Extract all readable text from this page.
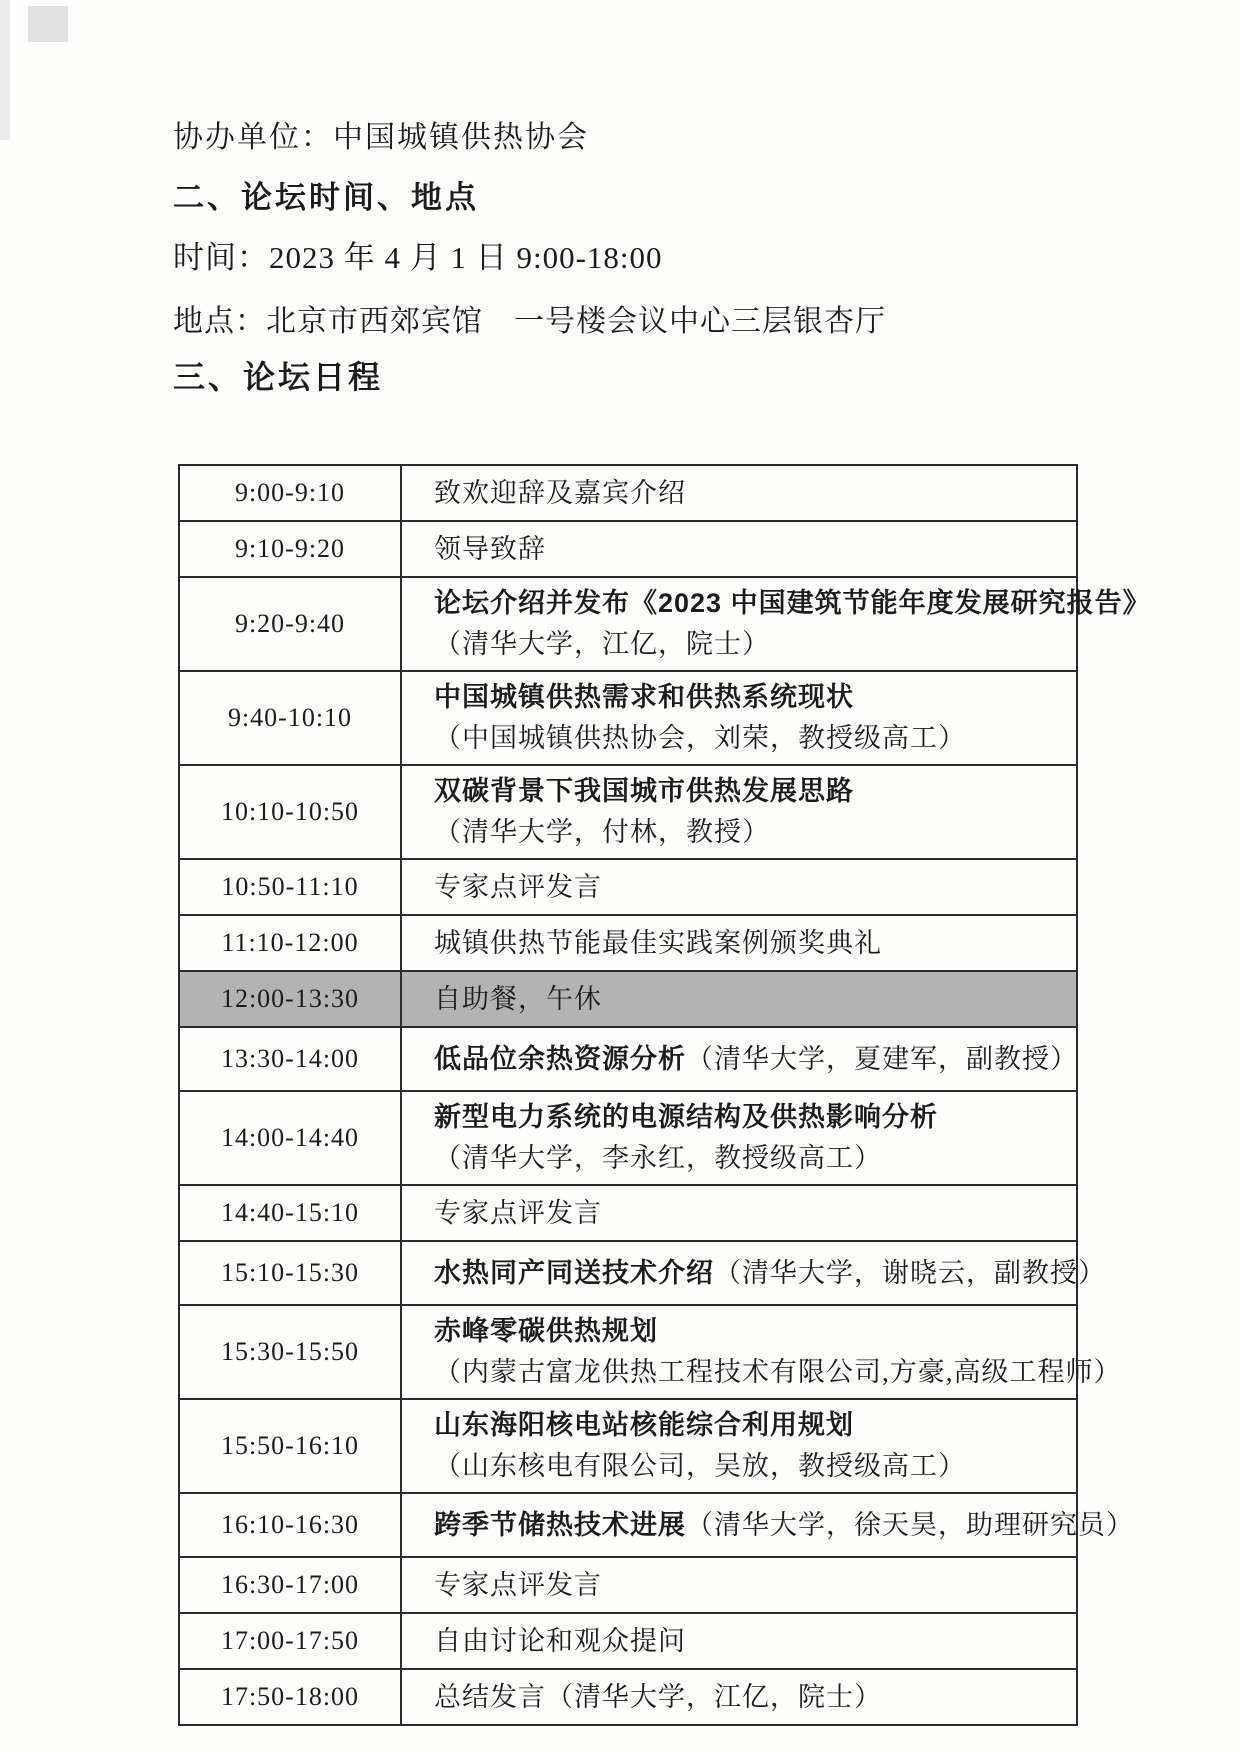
协办单位：中国城镇供热协会

二、论坛时间、地点

时间：2023 年 4 月 1 日 9:00-18:00

地点：北京市西郊宾馆　一号楼会议中心三层银杏厅

三、论坛日程
9:00-9:10	致欢迎辞及嘉宾介绍

9:10-9:20	领导致辞

9:20-9:40	论坛介绍并发布《2023 中国建筑节能年度发展研究报告》
（清华大学，江亿，院士）

9:40-10:10	中国城镇供热需求和供热系统现状
（中国城镇供热协会，刘荣，教授级高工）

10:10-10:50	双碳背景下我国城市供热发展思路
（清华大学，付林，教授）

10:50-11:10	专家点评发言

11:10-12:00	城镇供热节能最佳实践案例颁奖典礼

12:00-13:30	自助餐，午休

13:30-14:00	低品位余热资源分析（清华大学，夏建军，副教授）

14:00-14:40	新型电力系统的电源结构及供热影响分析
（清华大学，李永红，教授级高工）

14:40-15:10	专家点评发言

15:10-15:30	水热同产同送技术介绍（清华大学，谢晓云，副教授）

15:30-15:50	赤峰零碳供热规划
（内蒙古富龙供热工程技术有限公司,方豪,高级工程师）

15:50-16:10	山东海阳核电站核能综合利用规划
（山东核电有限公司，吴放，教授级高工）

16:10-16:30	跨季节储热技术进展（清华大学，徐天昊，助理研究员）

16:30-17:00	专家点评发言

17:00-17:50	自由讨论和观众提问

17:50-18:00	总结发言（清华大学，江亿，院士）
